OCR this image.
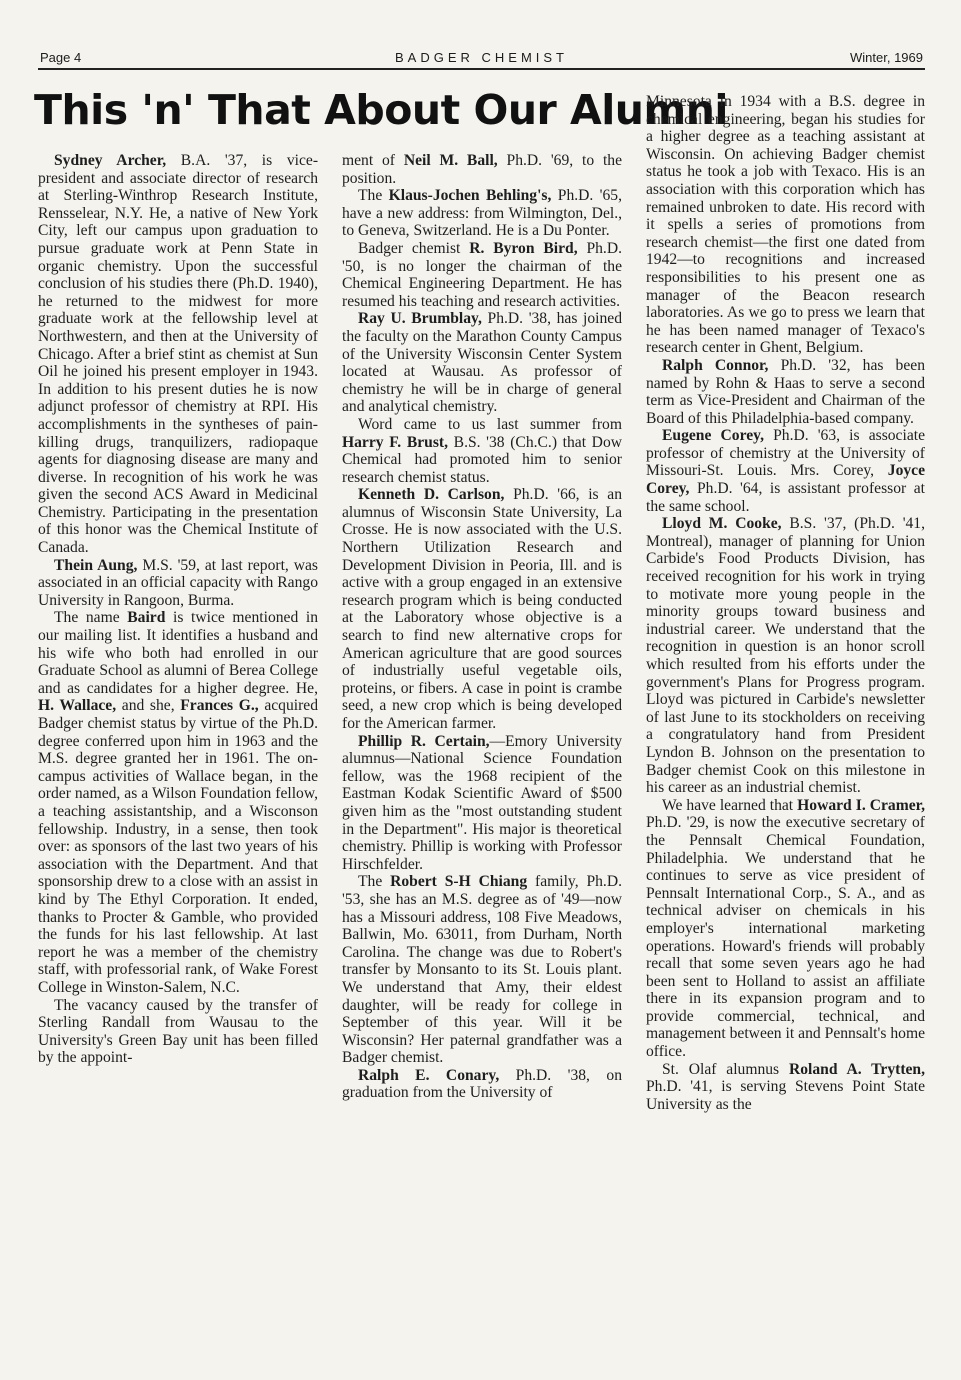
Page 4	BADGER CHEMIST	Winter, 1969
This 'n' That About Our Alumni

Sydney Archer, B.A. '37, is vice-president and associate director of research at Sterling-Winthrop Research Institute, Rensselear, N.Y. He, a native of New York City, left our campus upon graduation to pursue graduate work at Penn State in organic chemistry. Upon the successful conclusion of his studies there (Ph.D. 1940), he returned to the midwest for more graduate work at the fellowship level at Northwestern, and then at the University of Chicago. After a brief stint as chemist at Sun Oil he joined his present employer in 1943. In addition to his present duties he is now adjunct professor of chemistry at RPI. His accomplishments in the syntheses of pain-killing drugs, tranquilizers, radiopaque agents for diagnosing disease are many and diverse. In recognition of his work he was given the second ACS Award in Medicinal Chemistry. Participating in the presentation of this honor was the Chemical Institute of Canada.

Thein Aung, M.S. '59, at last report, was associated in an official capacity with Rango University in Rangoon, Burma.

The name Baird is twice mentioned in our mailing list. It identifies a husband and his wife who both had enrolled in our Graduate School as alumni of Berea College and as candidates for a higher degree. He, H. Wallace, and she, Frances G., acquired Badger chemist status by virtue of the Ph.D. degree conferred upon him in 1963 and the M.S. degree granted her in 1961. The on-campus activities of Wallace began, in the order named, as a Wilson Foundation fellow, a teaching assistantship, and a Wisconson fellowship. Industry, in a sense, then took over: as sponsors of the last two years of his association with the Department. And that sponsorship drew to a close with an assist in kind by The Ethyl Corporation. It ended, thanks to Procter & Gamble, who provided the funds for his last fellowship. At last report he was a member of the chemistry staff, with professorial rank, of Wake Forest College in Winston-Salem, N.C.

The vacancy caused by the transfer of Sterling Randall from Wausau to the University's Green Bay unit has been filled by the appoint-

ment of Neil M. Ball, Ph.D. '69, to the position.

The Klaus-Jochen Behling's, Ph.D. '65, have a new address: from Wilmington, Del., to Geneva, Switzerland. He is a Du Ponter.

Badger chemist R. Byron Bird, Ph.D. '50, is no longer the chairman of the Chemical Engineering Department. He has resumed his teaching and research activities.

Ray U. Brumblay, Ph.D. '38, has joined the faculty on the Marathon County Campus of the University Wisconsin Center System located at Wausau. As professor of chemistry he will be in charge of general and analytical chemistry.

Word came to us last summer from Harry F. Brust, B.S. '38 (Ch.C.) that Dow Chemical had promoted him to senior research chemist status.

Kenneth D. Carlson, Ph.D. '66, is an alumnus of Wisconsin State University, La Crosse. He is now associated with the U.S. Northern Utilization Research and Development Division in Peoria, Ill. and is active with a group engaged in an extensive research program which is being conducted at the Laboratory whose objective is a search to find new alternative crops for American agriculture that are good sources of industrially useful vegetable oils, proteins, or fibers. A case in point is crambe seed, a new crop which is being developed for the American farmer.

Phillip R. Certain,—Emory University alumnus—National Science Foundation fellow, was the 1968 recipient of the Eastman Kodak Scientific Award of $500 given him as the "most outstanding student in the Department". His major is theoretical chemistry. Phillip is working with Professor Hirschfelder.

The Robert S-H Chiang family, Ph.D. '53, she has an M.S. degree as of '49—now has a Missouri address, 108 Five Meadows, Ballwin, Mo. 63011, from Durham, North Carolina. The change was due to Robert's transfer by Monsanto to its St. Louis plant. We understand that Amy, their eldest daughter, will be ready for college in September of this year. Will it be Wisconsin? Her paternal grandfather was a Badger chemist.

Ralph E. Conary, Ph.D. '38, on graduation from the University of

Minnesota in 1934 with a B.S. degree in chemical engineering, began his studies for a higher degree as a teaching assistant at Wisconsin. On achieving Badger chemist status he took a job with Texaco. His is an association with this corporation which has remained unbroken to date. His record with it spells a series of promotions from research chemist—the first one dated from 1942—to recognitions and increased responsibilities to his present one as manager of the Beacon research laboratories. As we go to press we learn that he has been named manager of Texaco's research center in Ghent, Belgium.

Ralph Connor, Ph.D. '32, has been named by Rohn & Haas to serve a second term as Vice-President and Chairman of the Board of this Philadelphia-based company.

Eugene Corey, Ph.D. '63, is associate professor of chemistry at the University of Missouri-St. Louis. Mrs. Corey, Joyce Corey, Ph.D. '64, is assistant professor at the same school.

Lloyd M. Cooke, B.S. '37, (Ph.D. '41, Montreal), manager of planning for Union Carbide's Food Products Division, has received recognition for his work in trying to motivate more young people in the minority groups toward business and industrial career. We understand that the recognition in question is an honor scroll which resulted from his efforts under the government's Plans for Progress program. Lloyd was pictured in Carbide's newsletter of last June to its stockholders on receiving a congratulatory hand from President Lyndon B. Johnson on the presentation to Badger chemist Cook on this milestone in his career as an industrial chemist.

We have learned that Howard I. Cramer, Ph.D. '29, is now the executive secretary of the Pennsalt Chemical Foundation, Philadelphia. We understand that he continues to serve as vice president of Pennsalt International Corp., S. A., and as technical adviser on chemicals in his employer's international marketing operations. Howard's friends will probably recall that some seven years ago he had been sent to Holland to assist an affiliate there in its expansion program and to provide commercial, technical, and management between it and Pennsalt's home office.

St. Olaf alumnus Roland A. Trytten, Ph.D. '41, is serving Stevens Point State University as the
